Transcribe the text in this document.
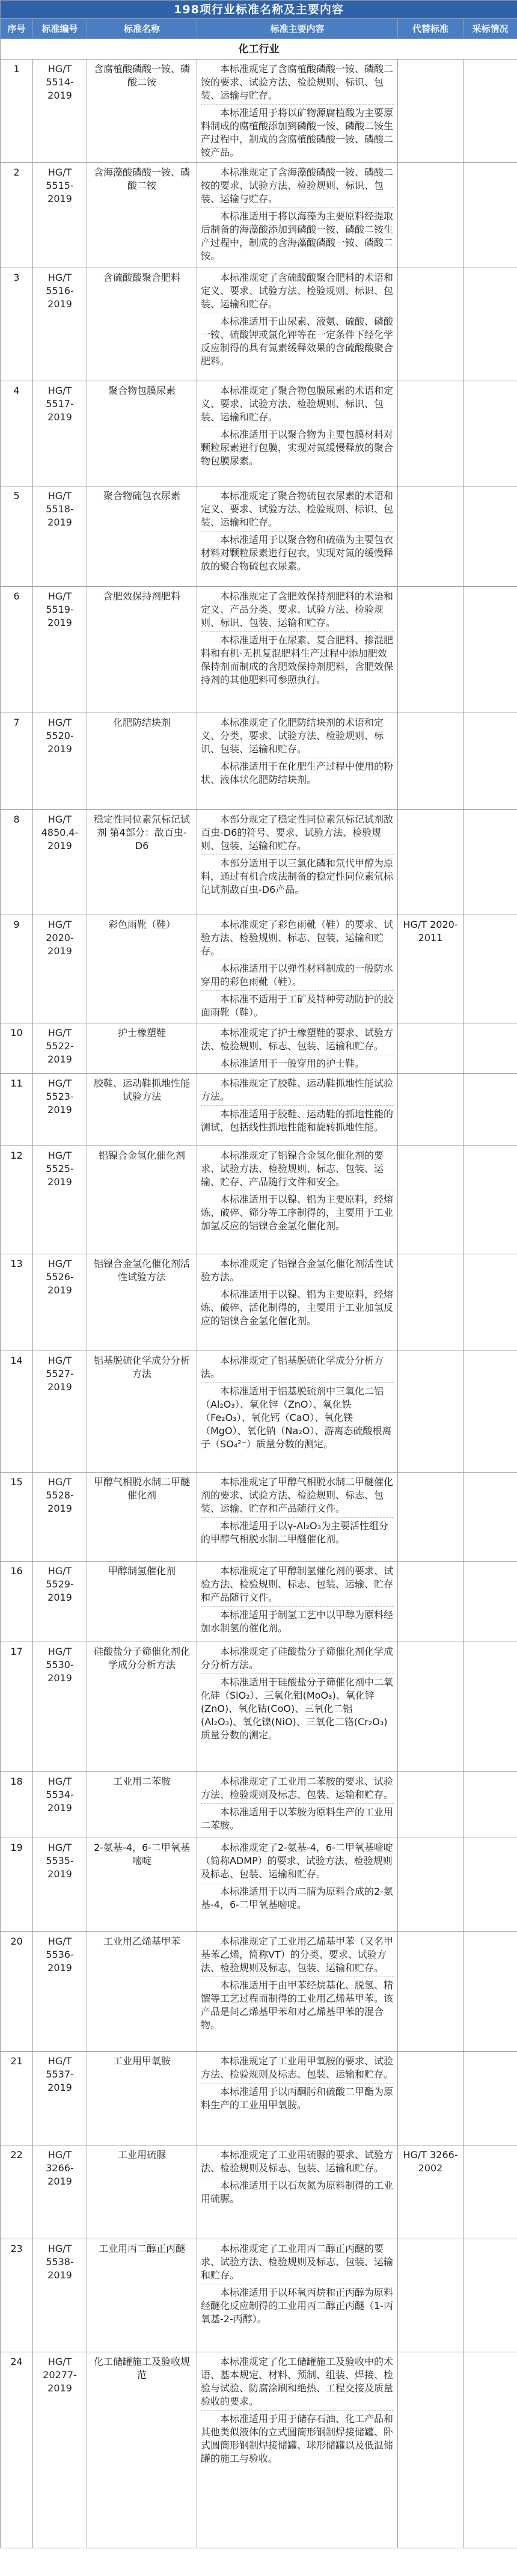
198项行业标准名称及主要内容					
序号	标准编号	标准名称	标准主要内容	代替标准	采标情况
化工行业					
1	HG/T 5514-2019	含腐植酸磷酸一铵、磷酸二铵	本标准规定了含腐植酸磷酸一铵、磷酸二铵的要求、试验方法、检验规则、标识、包装、运输与贮存。

本标准适用于将以矿物源腐植酸为主要原料制成的腐植酸添加到磷酸一铵、磷酸二铵生产过程中，制成的含腐植酸磷酸一铵、磷酸二铵产品。		

2	HG/T 5515-2019	含海藻酸磷酸一铵、磷酸二铵	本标准规定了含海藻酸磷酸一铵、磷酸二铵的要求、试验方法、检验规则、标识、包装、运输与贮存。

本标准适用于将以海藻为主要原料经提取后制备的海藻酸添加到磷酸一铵、磷酸二铵生产过程中，制成的含海藻酸磷酸一铵、磷酸二铵。		

3	HG/T 5516-2019	含硫酸酸聚合肥料	本标准规定了含硫酸酸聚合肥料的术语和定义、要求、试验方法、检验规则、标识、包装、运输和贮存。

本标准适用于由尿素、液氨、硫酸、磷酸一铵、硫酸钾或氯化钾等在一定条件下经化学反应制得的具有氮素缓释效果的含硫酸酸聚合肥料。		

4	HG/T 5517-2019	聚合物包膜尿素	本标准规定了聚合物包膜尿素的术语和定义、要求、试验方法、检验规则、标识、包装、运输和贮存。

本标准适用于以聚合物为主要包膜材料对颗粒尿素进行包膜，实现对氮缓慢释放的聚合物包膜尿素。		

5	HG/T 5518-2019	聚合物硫包衣尿素	本标准规定了聚合物硫包衣尿素的术语和定义、要求、试验方法、检验规则、标识、包装、运输和贮存。

本标准适用于以聚合物和硫磺为主要包衣材料对颗粒尿素进行包衣，实现对氮的缓慢释放的聚合物硫包衣尿素。		

6	HG/T 5519-2019	含肥效保持剂肥料	本标准规定了含肥效保持剂肥料的术语和定义、产品分类、要求、试验方法、检验规则、标识、包装、运输和贮存。

本标准适用于在尿素、复合肥料、掺混肥料和有机-无机复混肥料生产过程中添加肥效保持剂而制成的含肥效保持剂肥料，含肥效保持剂的其他肥料可参照执行。		

7	HG/T 5520-2019	化肥防结块剂	本标准规定了化肥防结块剂的术语和定义、分类、要求、试验方法、检验规则、标识、包装、运输和贮存。

本标准适用于在化肥生产过程中使用的粉状、液体状化肥防结块剂。		

8	HG/T 4850.4-2019	稳定性同位素氘标记试剂 第4部分：敌百虫-D6	本部分规定了稳定性同位素氘标记试剂敌百虫-D6的符号、要求、试验方法、检验规则、包装、运输和贮存。

本部分适用于以三氯化磷和氘代甲醇为原料，通过有机合成法制备的稳定性同位素氘标记试剂敌百虫-D6产品。		

9	HG/T 2020-2019	彩色雨靴（鞋）	本标准规定了彩色雨靴（鞋）的要求、试验方法、检验规则、标志、包装、运输和贮存。

本标准适用于以弹性材料制成的一般防水穿用的彩色雨靴（鞋）。

本标准不适用于工矿及特种劳动防护的胶面雨靴（鞋）。	HG/T 2020-2011	
10	HG/T 5522-2019	护士橡塑鞋	本标准规定了护士橡塑鞋的要求、试验方法、检验规则、标志、包装、运输和贮存。

本标准适用于一般穿用的护士鞋。		

11	HG/T 5523-2019	胶鞋、运动鞋抓地性能试验方法	本标准规定了胶鞋、运动鞋抓地性能试验方法。

本标准适用于胶鞋、运动鞋的抓地性能的测试，包括线性抓地性能和旋转抓地性能。		

12	HG/T 5525-2019	铝镍合金氢化催化剂	本标准规定了铝镍合金氢化催化剂的要求、试验方法、检验规则、标志、包装、运输、贮存、产品随行文件和安全。

本标准适用于以镍、铝为主要原料，经熔炼、破碎、筛分等工序制得的，主要用于工业加氢反应的铝镍合金氢化催化剂。		

13	HG/T 5526-2019	铝镍合金氢化催化剂活性试验方法	本标准规定了铝镍合金氢化催化剂活性试验方法。

本标准适用于以镍、铝为主要原料，经熔炼、破碎、活化制得的，主要用于工业加氢反应的铝镍合金氢化催化剂。		

14	HG/T 5527-2019	铝基脱硫化学成分分析方法	本标准规定了铝基脱硫化学成分分析方法。

本标准适用于铝基脱硫剂中三氧化二铝（Al₂O₃）、氧化锌（ZnO）、氧化铁（Fe₂O₃）、氧化钙（CaO）、氧化镁（MgO）、氧化钠（Na₂O）、游离态硫酸根离子（SO₄²⁻）质量分数的测定。		

15	HG/T 5528-2019	甲醇气相脱水制二甲醚催化剂	本标准规定了甲醇气相脱水制二甲醚催化剂的要求、试验方法、检验规则、标志、包装、运输、贮存和产品随行文件。

本标准适用于以γ-Al₂O₃为主要活性组分的甲醇气相脱水制二甲醚催化剂。		

16	HG/T 5529-2019	甲醇制氢催化剂	本标准规定了甲醇制氢催化剂的要求、试验方法、检验规则、标志、包装、运输、贮存和产品随行文件。

本标准适用于制氢工艺中以甲醇为原料经加水制氢的催化剂。		

17	HG/T 5530-2019	硅酸盐分子筛催化剂化学成分分析方法	本标准规定了硅酸盐分子筛催化剂化学成分分析方法。

本标准适用于硅酸盐分子筛催化剂中二氧化硅（SiO₂）、三氧化钼(MoO₃)、氧化锌(ZnO)、氧化钴(CoO)、三氧化二铝(Al₂O₃)、氧化镍(NiO)、三氧化二铬(Cr₂O₃)质量分数的测定。		

18	HG/T 5534-2019	工业用二苯胺	本标准规定了工业用二苯胺的要求、试验方法、检验规则及标志、包装、运输和贮存。

本标准适用于以苯胺为原料生产的工业用二苯胺。		

19	HG/T 5535-2019	2-氨基-4，6-二甲氧基嘧啶	本标准规定了2-氨基-4，6-二甲氧基嘧啶（简称ADMP）的要求、试验方法、检验规则及标志、包装、运输和贮存。

本标准适用于以丙二腈为原料合成的2-氨基-4，6-二甲氧基嘧啶。		

20	HG/T 5536-2019	工业用乙烯基甲苯	本标准规定了工业用乙烯基甲苯（又名甲基苯乙烯，简称VT）的分类、要求、试验方法、检验规则及标志、包装、运输和贮存。

本标准适用于由甲苯经烷基化、脱氢、精馏等工艺过程而制得的工业用乙烯基甲苯。该产品是间乙烯基甲苯和对乙烯基甲苯的混合物。		

21	HG/T 5537-2019	工业用甲氧胺	本标准规定了工业用甲氧胺的要求、试验方法、检验规则及标志、包装、运输和贮存。

本标准适用于以丙酮肟和硫酸二甲酯为原料生产的工业用甲氧胺。		

22	HG/T 3266-2019	工业用硫脲	本标准规定了工业用硫脲的要求、试验方法、检验规则及标志、包装、运输和贮存。

本标准适用于以石灰氮为原料制得的工业用硫脲。	HG/T 3266-2002	
23	HG/T 5538-2019	工业用丙二醇正丙醚	本标准规定了工业用丙二醇正丙醚的要求、试验方法、检验规则及标志、包装、运输和贮存。

本标准适用于以环氧丙烷和正丙醇为原料经醚化反应制得的工业用丙二醇正丙醚（1-丙氧基-2-丙醇）。		

24	HG/T 20277-2019	化工储罐施工及验收规范	本标准规定了化工储罐施工及验收中的术语、基本规定、材料、预制、组装、焊接、检验与试验、防腐涂刷和绝热、工程交接及质量验收的要求。

本标准适用于用于储存石油、化工产品和其他类似液体的立式圆筒形钢制焊接储罐、卧式圆筒形钢制焊接储罐、球形储罐以及低温储罐的施工与验收。		
